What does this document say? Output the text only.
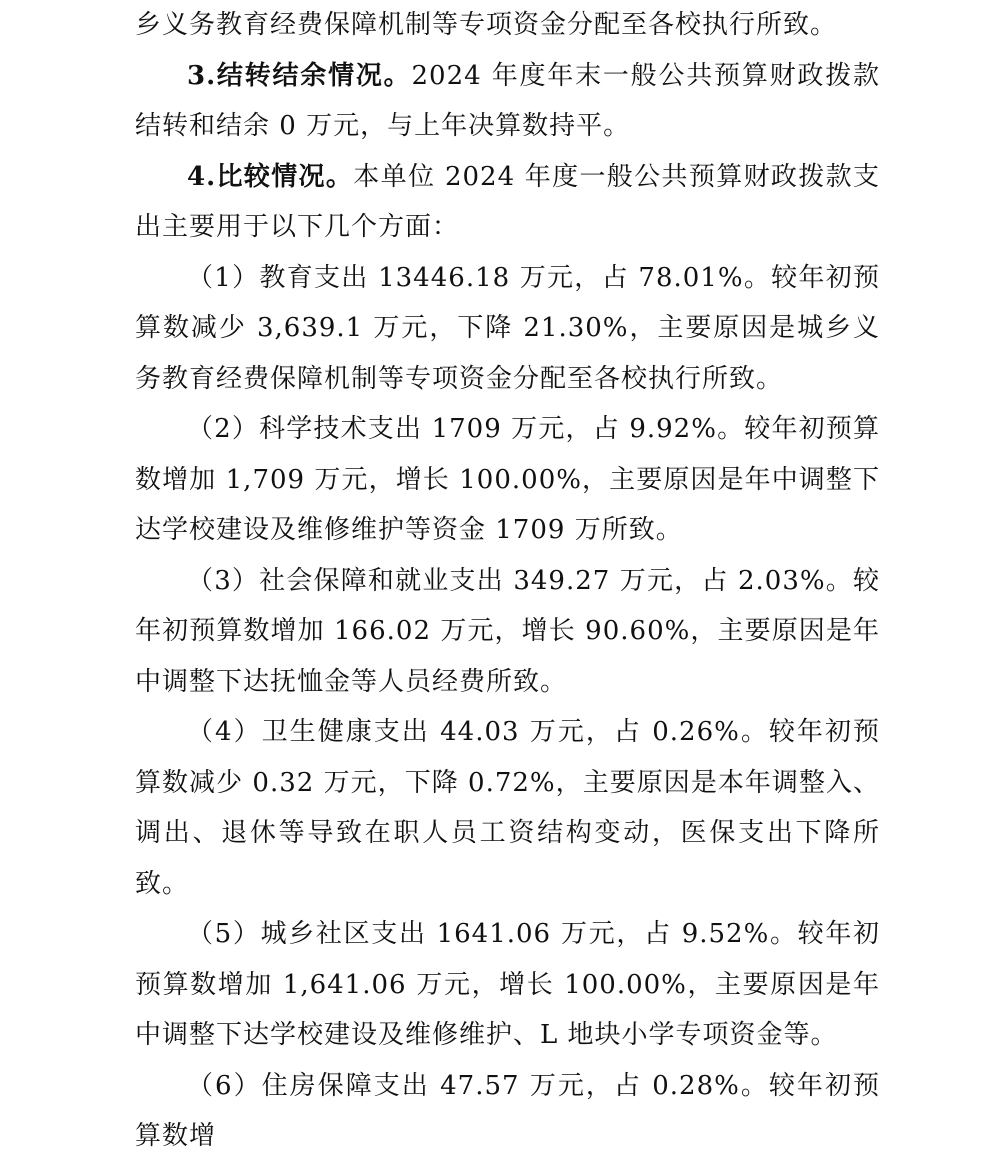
乡义务教育经费保障机制等专项资金分配至各校执行所致。

3.结转结余情况。2024 年度年末一般公共预算财政拨款结转和结余 0 万元，与上年决算数持平。

4.比较情况。本单位 2024 年度一般公共预算财政拨款支出主要用于以下几个方面：

（1）教育支出 13446.18 万元，占 78.01%。较年初预算数减少 3,639.1 万元，下降 21.30%，主要原因是城乡义务教育经费保障机制等专项资金分配至各校执行所致。

（2）科学技术支出 1709 万元，占 9.92%。较年初预算数增加 1,709 万元，增长 100.00%，主要原因是年中调整下达学校建设及维修维护等资金 1709 万所致。

（3）社会保障和就业支出 349.27 万元，占 2.03%。较年初预算数增加 166.02 万元，增长 90.60%，主要原因是年中调整下达抚恤金等人员经费所致。

（4）卫生健康支出 44.03 万元，占 0.26%。较年初预算数减少 0.32 万元，下降 0.72%，主要原因是本年调整入、调出、退休等导致在职人员工资结构变动，医保支出下降所致。

（5）城乡社区支出 1641.06 万元，占 9.52%。较年初预算数增加 1,641.06 万元，增长 100.00%，主要原因是年中调整下达学校建设及维修维护、L 地块小学专项资金等。

（6）住房保障支出 47.57 万元，占 0.28%。较年初预算数增
